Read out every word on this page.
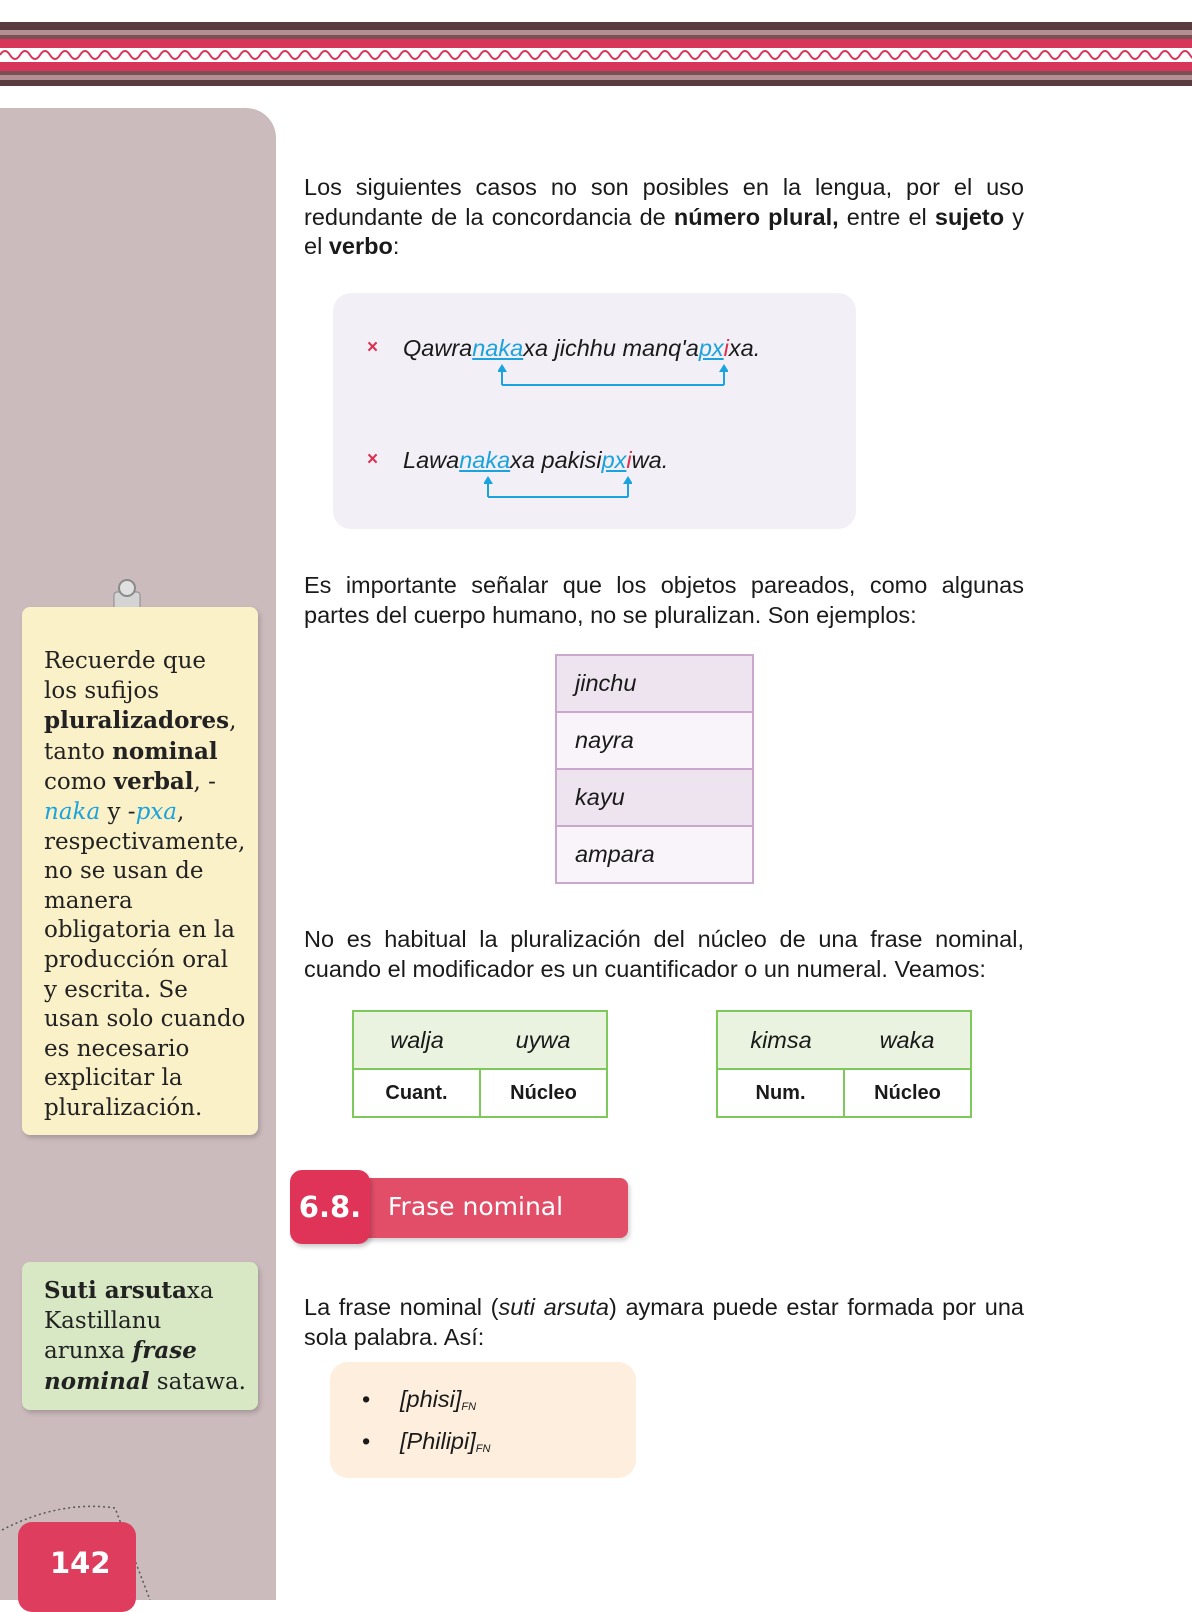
Recuerde que los sufijos pluralizadores, tanto nominal como verbal, -naka y -pxa, respectivamente, no se usan de manera obligatoria en la producción oral y escrita. Se usan solo cuando es necesario explicitar la pluralización.
Suti arsutaxa Kastillanu arunxa frase nominal satawa.
142
Los siguientes casos no son posibles en la lengua, por el uso redundante de la concordancia de número plural, entre el sujeto y el verbo:
× Qawranakaxa jichhu manq'apxixa.
× Lawanakaxa pakisipxiwa.
Es importante señalar que los objetos pareados, como algunas partes del cuerpo humano, no se pluralizan. Son ejemplos:
jinchu
nayra
kayu
ampara
No es habitual la pluralización del núcleo de una frase nominal, cuando el modificador es un cuantificador o un numeral. Veamos:
walja	uywa
Cuant.	Núcleo
kimsa	waka
Num.	Núcleo
6.8.	Frase nominal
La frase nominal (suti arsuta) aymara puede estar formada por una sola palabra. Así:
• $[phisi]_{FN}$
• $[Philipi]_{FN}$
